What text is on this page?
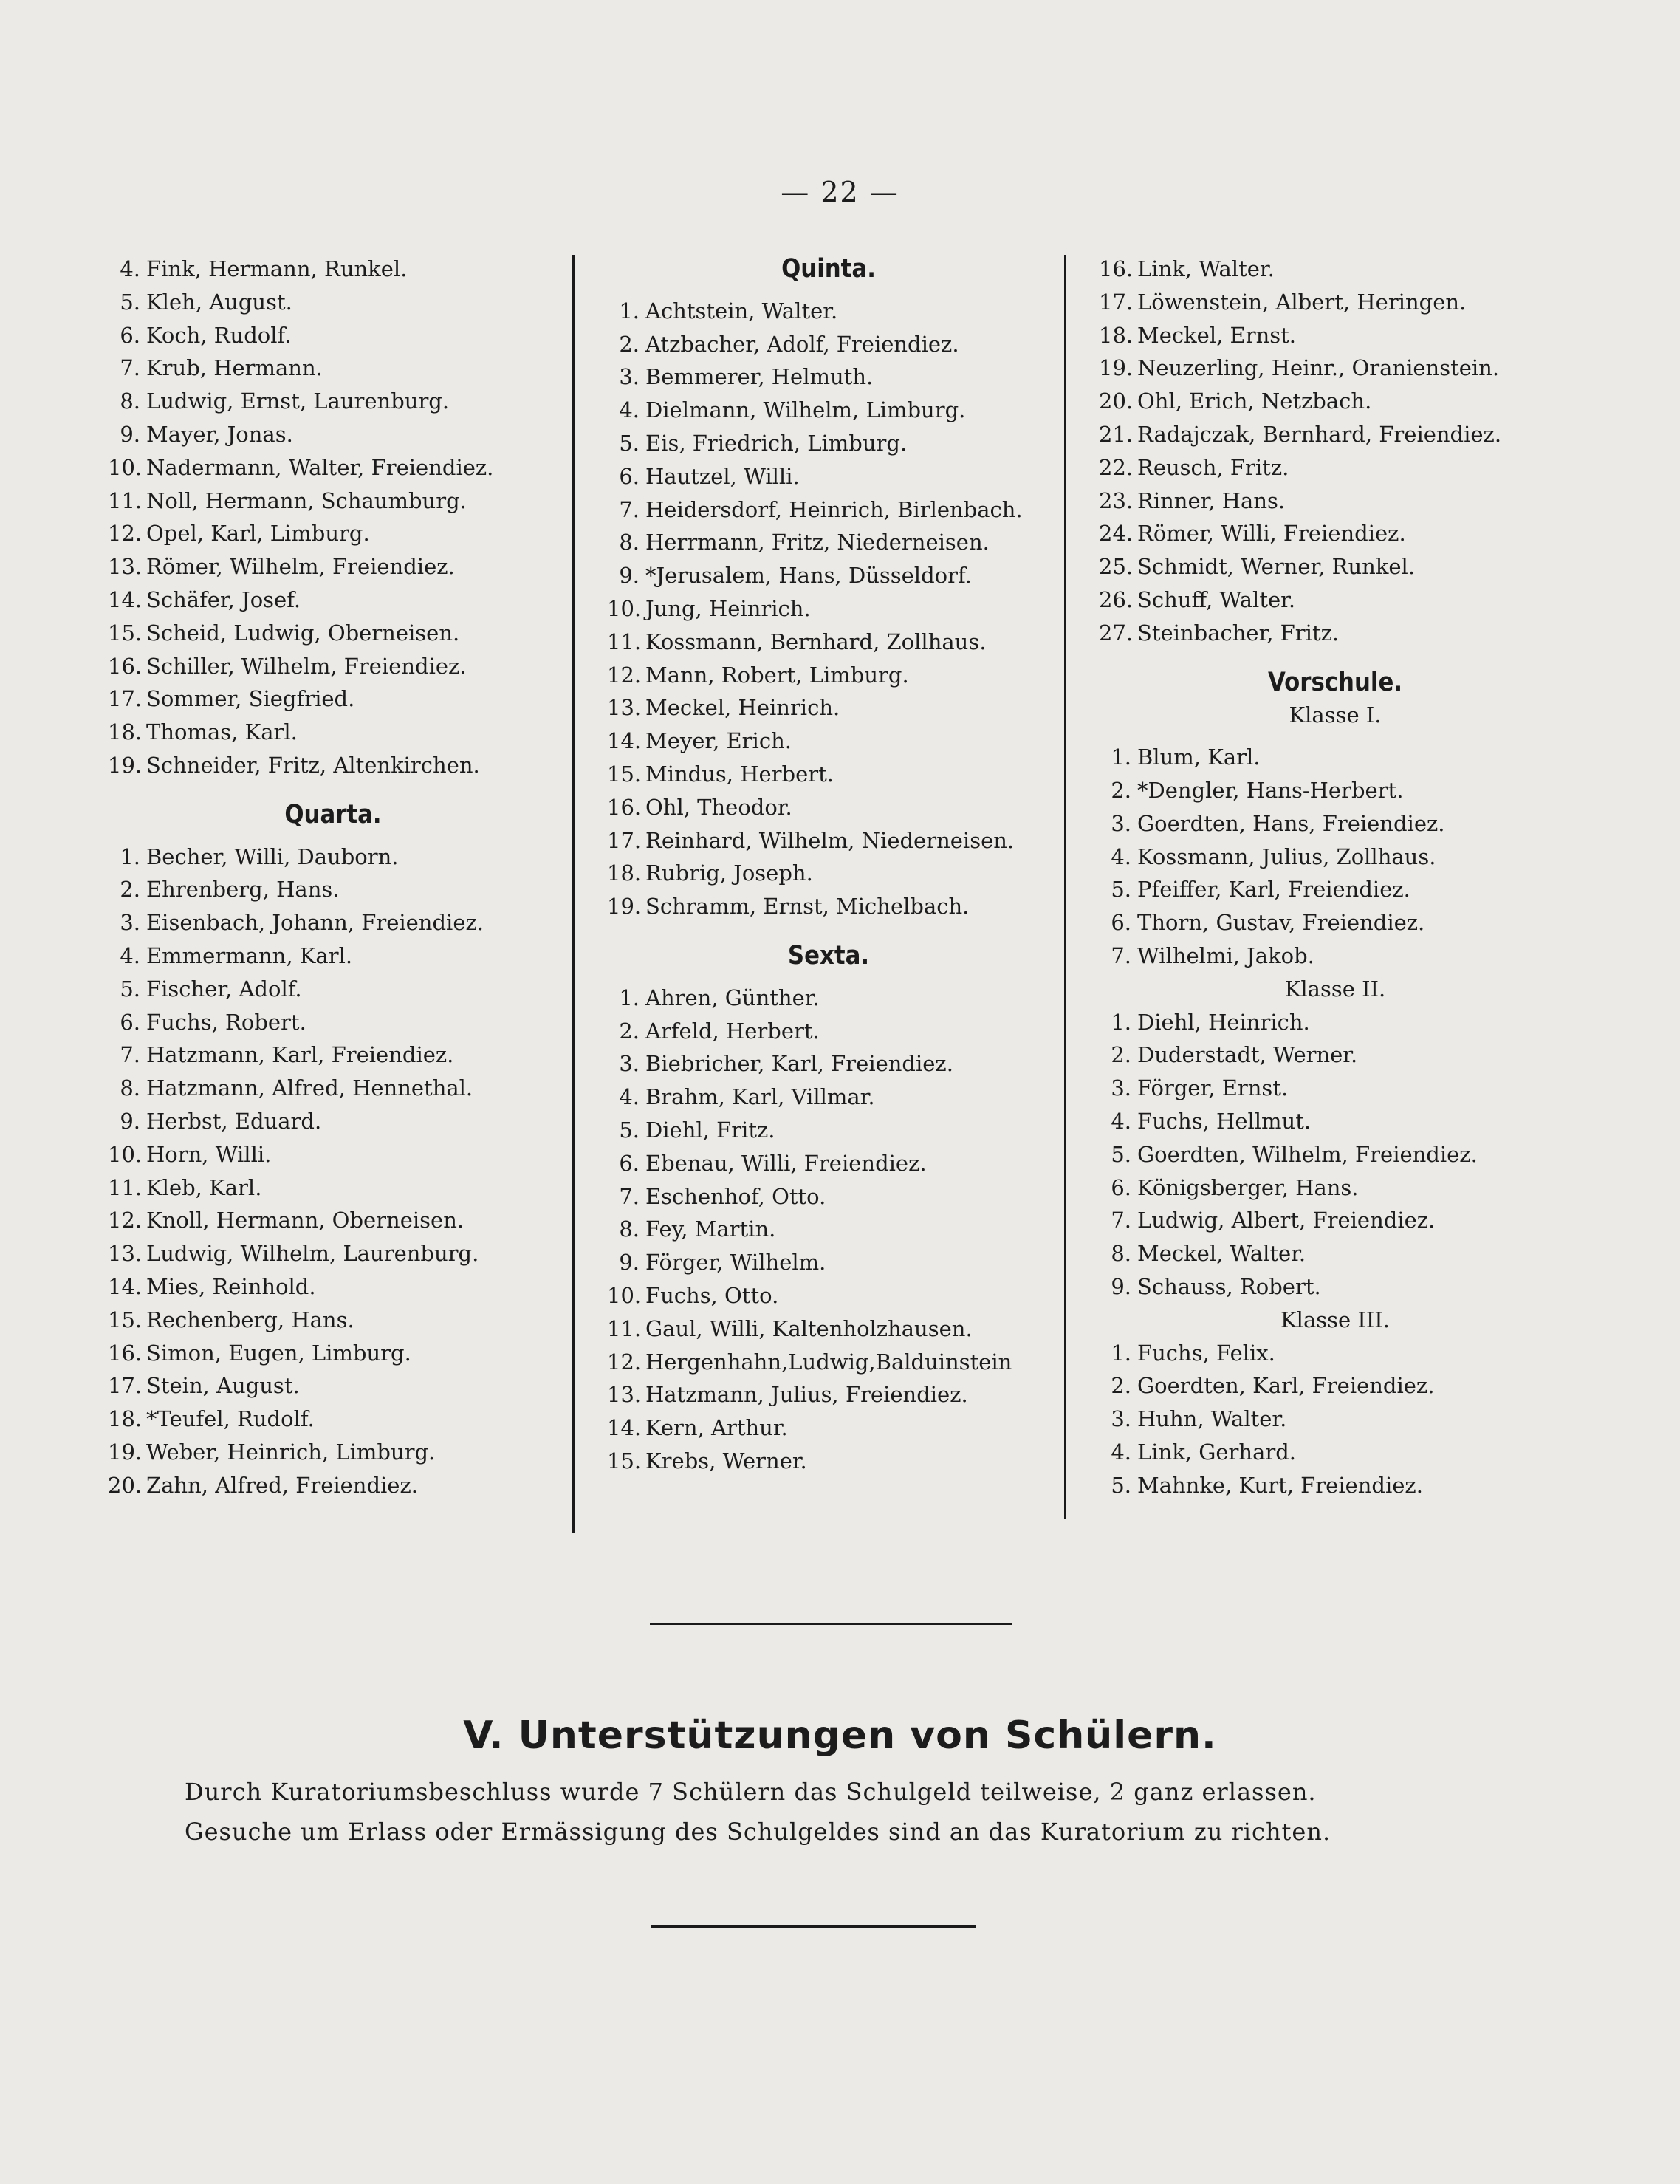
— 22 —
4. Fink, Hermann, Runkel.
5. Kleh, August.
6. Koch, Rudolf.
7. Krub, Hermann.
8. Ludwig, Ernst, Laurenburg.
9. Mayer, Jonas.
10. Nadermann, Walter, Freiendiez.
11. Noll, Hermann, Schaumburg.
12. Opel, Karl, Limburg.
13. Römer, Wilhelm, Freiendiez.
14. Schäfer, Josef.
15. Scheid, Ludwig, Oberneisen.
16. Schiller, Wilhelm, Freiendiez.
17. Sommer, Siegfried.
18. Thomas, Karl.
19. Schneider, Fritz, Altenkirchen.
Quarta.
1. Becher, Willi, Dauborn.
2. Ehrenberg, Hans.
3. Eisenbach, Johann, Freiendiez.
4. Emmermann, Karl.
5. Fischer, Adolf.
6. Fuchs, Robert.
7. Hatzmann, Karl, Freiendiez.
8. Hatzmann, Alfred, Hennethal.
9. Herbst, Eduard.
10. Horn, Willi.
11. Kleb, Karl.
12. Knoll, Hermann, Oberneisen.
13. Ludwig, Wilhelm, Laurenburg.
14. Mies, Reinhold.
15. Rechenberg, Hans.
16. Simon, Eugen, Limburg.
17. Stein, August.
18. *Teufel, Rudolf.
19. Weber, Heinrich, Limburg.
20. Zahn, Alfred, Freiendiez.
Quinta.
1. Achtstein, Walter.
2. Atzbacher, Adolf, Freiendiez.
3. Bemmerer, Helmuth.
4. Dielmann, Wilhelm, Limburg.
5. Eis, Friedrich, Limburg.
6. Hautzel, Willi.
7. Heidersdorf, Heinrich, Birlenbach.
8. Herrmann, Fritz, Niederneisen.
9. *Jerusalem, Hans, Düsseldorf.
10. Jung, Heinrich.
11. Kossmann, Bernhard, Zollhaus.
12. Mann, Robert, Limburg.
13. Meckel, Heinrich.
14. Meyer, Erich.
15. Mindus, Herbert.
16. Ohl, Theodor.
17. Reinhard, Wilhelm, Niederneisen.
18. Rubrig, Joseph.
19. Schramm, Ernst, Michelbach.
Sexta.
1. Ahren, Günther.
2. Arfeld, Herbert.
3. Biebricher, Karl, Freiendiez.
4. Brahm, Karl, Villmar.
5. Diehl, Fritz.
6. Ebenau, Willi, Freiendiez.
7. Eschenhof, Otto.
8. Fey, Martin.
9. Förger, Wilhelm.
10. Fuchs, Otto.
11. Gaul, Willi, Kaltenholzhausen.
12. Hergenhahn,Ludwig,Balduinstein
13. Hatzmann, Julius, Freiendiez.
14. Kern, Arthur.
15. Krebs, Werner.
16. Link, Walter.
17. Löwenstein, Albert, Heringen.
18. Meckel, Ernst.
19. Neuzerling, Heinr., Oranienstein.
20. Ohl, Erich, Netzbach.
21. Radajczak, Bernhard, Freiendiez.
22. Reusch, Fritz.
23. Rinner, Hans.
24. Römer, Willi, Freiendiez.
25. Schmidt, Werner, Runkel.
26. Schuff, Walter.
27. Steinbacher, Fritz.
Vorschule.
Klasse I.
1. Blum, Karl.
2. *Dengler, Hans-Herbert.
3. Goerdten, Hans, Freiendiez.
4. Kossmann, Julius, Zollhaus.
5. Pfeiffer, Karl, Freiendiez.
6. Thorn, Gustav, Freiendiez.
7. Wilhelmi, Jakob.
Klasse II.
1. Diehl, Heinrich.
2. Duderstadt, Werner.
3. Förger, Ernst.
4. Fuchs, Hellmut.
5. Goerdten, Wilhelm, Freiendiez.
6. Königsberger, Hans.
7. Ludwig, Albert, Freiendiez.
8. Meckel, Walter.
9. Schauss, Robert.
Klasse III.
1. Fuchs, Felix.
2. Goerdten, Karl, Freiendiez.
3. Huhn, Walter.
4. Link, Gerhard.
5. Mahnke, Kurt, Freiendiez.
V. Unterstützungen von Schülern.
Durch Kuratoriumsbeschluss wurde 7 Schülern das Schulgeld teilweise, 2 ganz erlassen.
Gesuche um Erlass oder Ermässigung des Schulgeldes sind an das Kuratorium zu richten.
